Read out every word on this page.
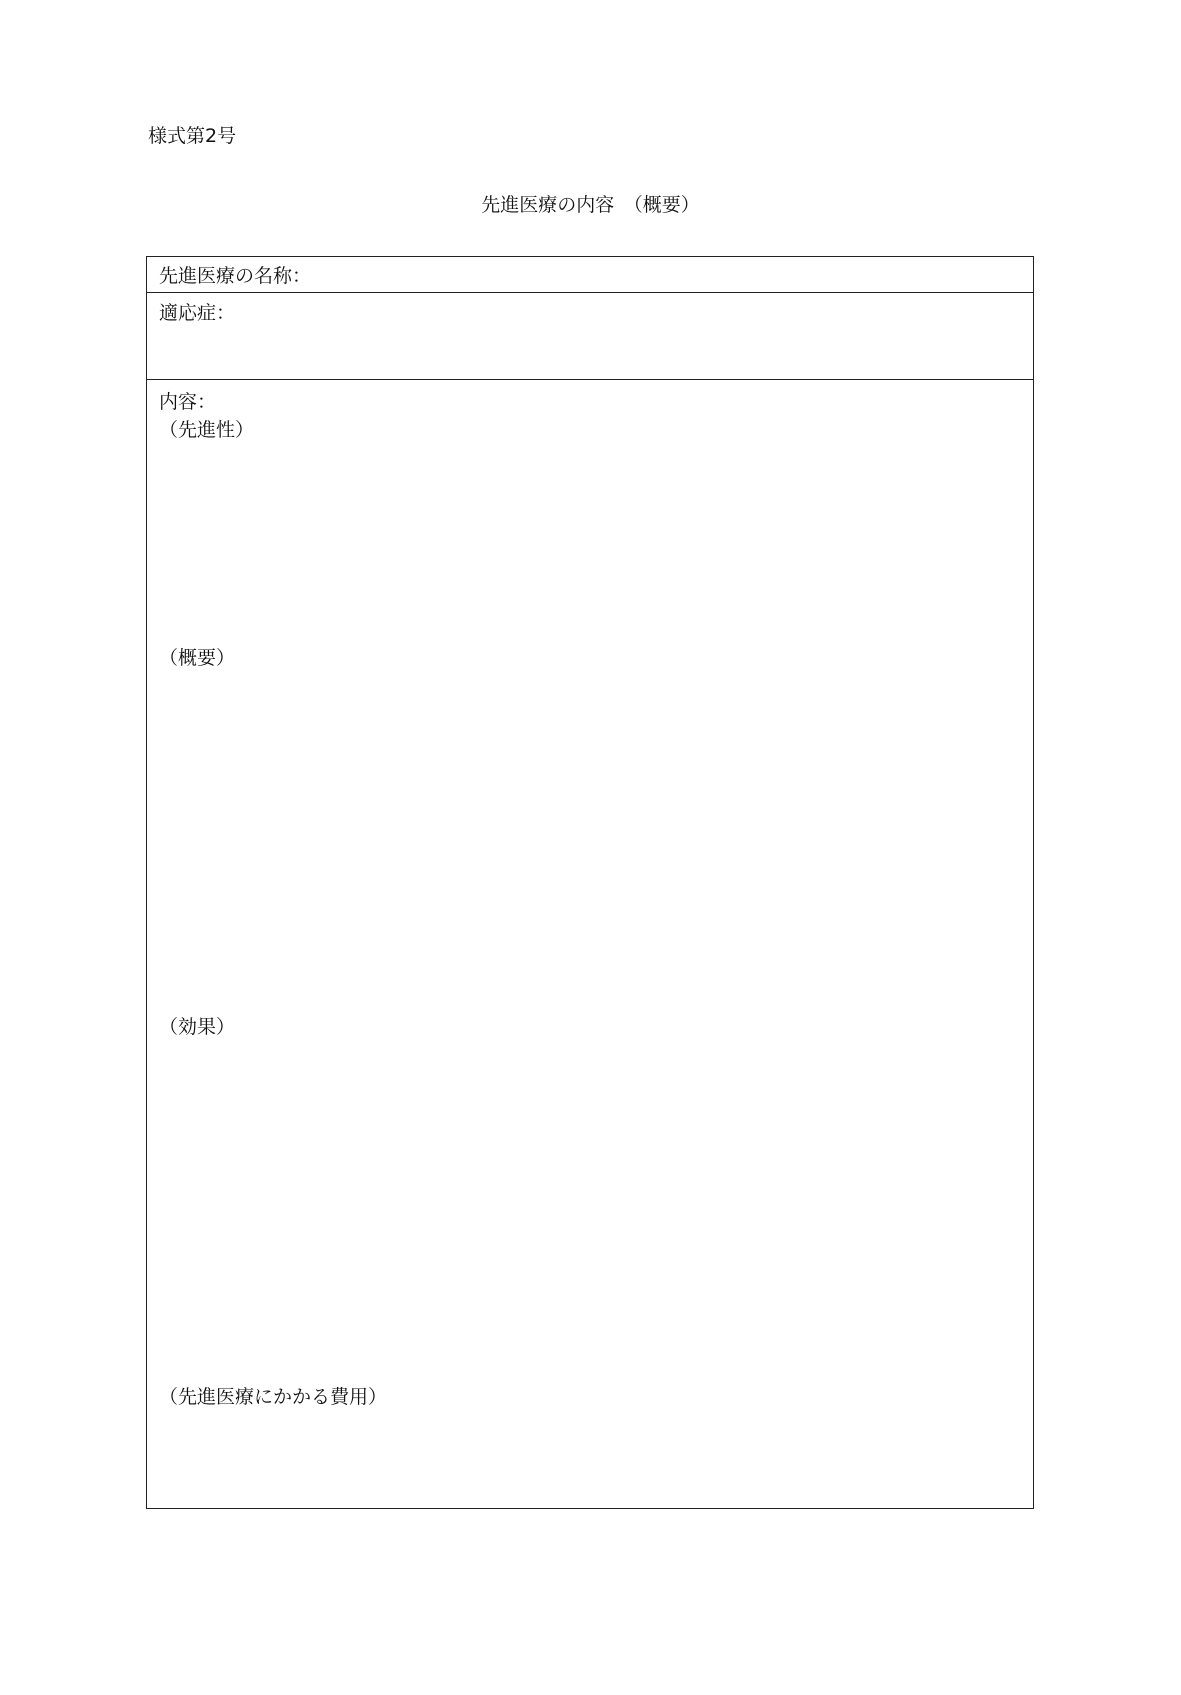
様式第2号
先進医療の内容　（概要）
先進医療の名称：
適応症：
内容：
（先進性）
（概要）
（効果）
（先進医療にかかる費用）
